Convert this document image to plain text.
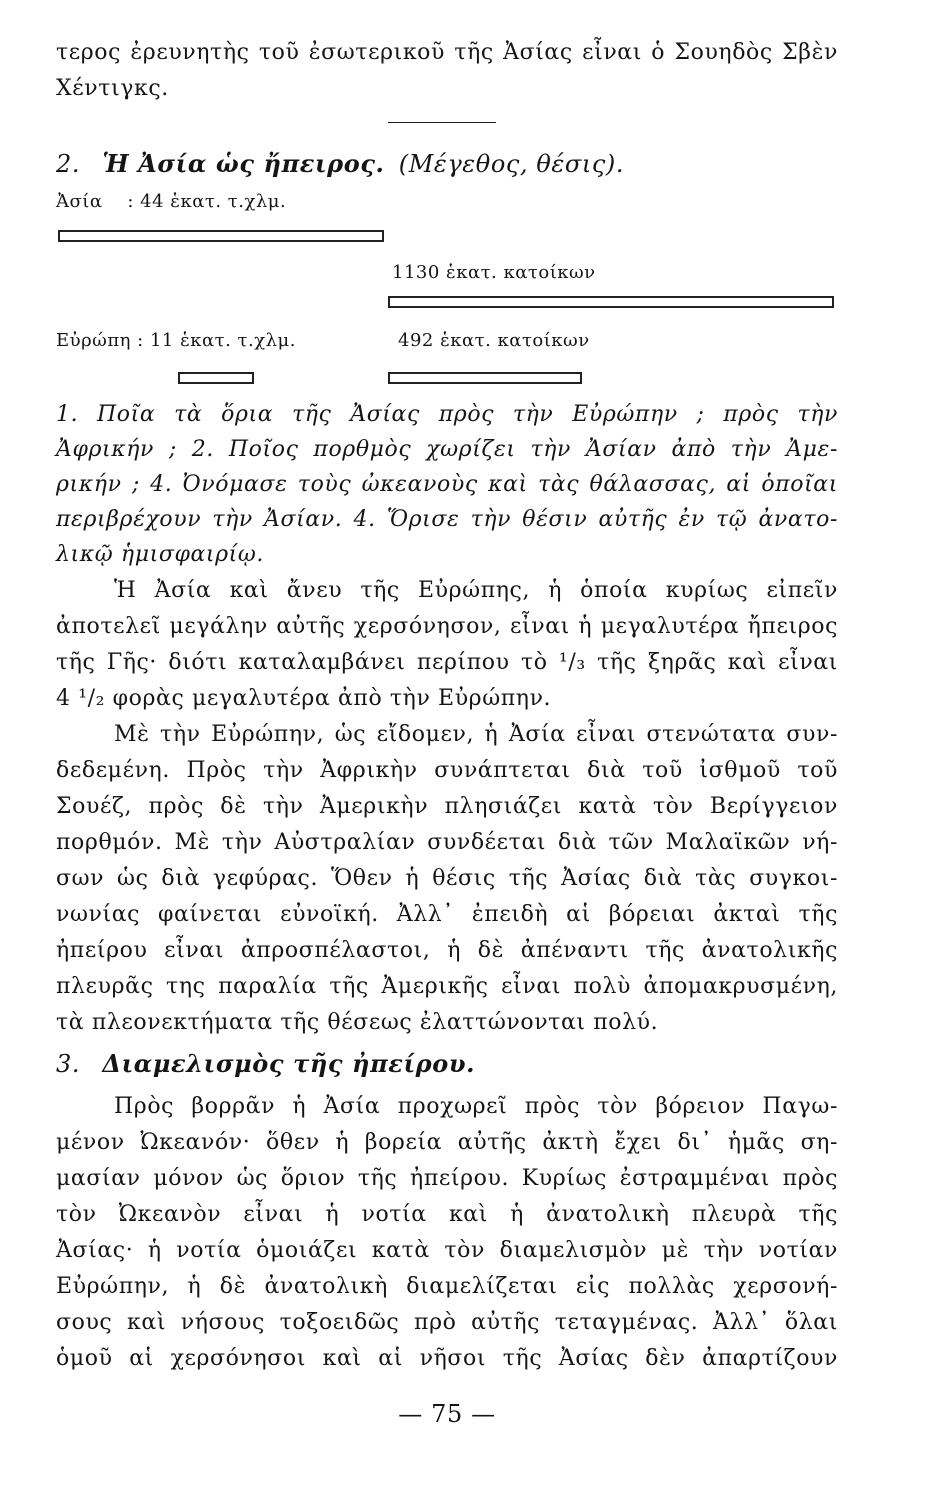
τερος ἐρευνητὴς τοῦ ἐσωτερικοῦ τῆς Ἀσίας εἶναι ὁ Σουηδὸς Σβὲν
Χέντιγκς.
2. Ἡ Ἀσία ὡς ἤπειρος. (Μέγεθος, θέσις).
Ἀσία    : 44 ἑκατ. τ.χλμ.
1130 ἑκατ. κατοίκων
Εὐρώπη : 11 ἑκατ. τ.χλμ.	492 ἑκατ. κατοίκων
1. Ποῖα τὰ ὅρια τῆς Ἀσίας πρὸς τὴν Εὐρώπην ; πρὸς τὴν
Ἀφρικήν ; 2. Ποῖος πορθμὸς χωρίζει τὴν Ἀσίαν ἀπὸ τὴν Ἀμε-
ρικήν ; 4. Ὀνόμασε τοὺς ὠκεανοὺς καὶ τὰς θάλασσας, αἱ ὁποῖαι
περιβρέχουν τὴν Ἀσίαν. 4. Ὅρισε τὴν θέσιν αὐτῆς ἐν τῷ ἀνατο-
λικῷ ἡμισφαιρίῳ.
Ἡ Ἀσία καὶ ἄνευ τῆς Εὐρώπης, ἡ ὁποία κυρίως εἰπεῖν
ἀποτελεῖ μεγάλην αὐτῆς χερσόνησον, εἶναι ἡ μεγαλυτέρα ἤπειρος
τῆς Γῆς· διότι καταλαμβάνει περίπου τὸ ¹/₃ τῆς ξηρᾶς καὶ εἶναι
4 ¹/₂ φορὰς μεγαλυτέρα ἀπὸ τὴν Εὐρώπην.
Μὲ τὴν Εὐρώπην, ὡς εἴδομεν, ἡ Ἀσία εἶναι στενώτατα συν-
δεδεμένη. Πρὸς τὴν Ἀφρικὴν συνάπτεται διὰ τοῦ ἰσθμοῦ τοῦ
Σουέζ, πρὸς δὲ τὴν Ἀμερικὴν πλησιάζει κατὰ τὸν Βερίγγειον
πορθμόν. Μὲ τὴν Αὐστραλίαν συνδέεται διὰ τῶν Μαλαϊκῶν νή-
σων ὡς διὰ γεφύρας. Ὅθεν ἡ θέσις τῆς Ἀσίας διὰ τὰς συγκοι-
νωνίας φαίνεται εὐνοϊκή. Ἀλλ᾿ ἐπειδὴ αἱ βόρειαι ἀκταὶ τῆς
ἠπείρου εἶναι ἀπροσπέλαστοι, ἡ δὲ ἀπέναντι τῆς ἀνατολικῆς
πλευρᾶς της παραλία τῆς Ἀμερικῆς εἶναι πολὺ ἀπομακρυσμένη,
τὰ πλεονεκτήματα τῆς θέσεως ἐλαττώνονται πολύ.
3. Διαμελισμὸς τῆς ἠπείρου.
Πρὸς βορρᾶν ἡ Ἀσία προχωρεῖ πρὸς τὸν βόρειον Παγω-
μένον Ὠκεανόν· ὅθεν ἡ βορεία αὐτῆς ἀκτὴ ἔχει δι᾿ ἡμᾶς ση-
μασίαν μόνον ὡς ὅριον τῆς ἠπείρου. Κυρίως ἐστραμμέναι πρὸς
τὸν Ὠκεανὸν εἶναι ἡ νοτία καὶ ἡ ἀνατολικὴ πλευρὰ τῆς
Ἀσίας· ἡ νοτία ὁμοιάζει κατὰ τὸν διαμελισμὸν μὲ τὴν νοτίαν
Εὐρώπην, ἡ δὲ ἀνατολικὴ διαμελίζεται εἰς πολλὰς χερσονή-
σους καὶ νήσους τοξοειδῶς πρὸ αὐτῆς τεταγμένας. Ἀλλ᾿ ὅλαι
ὁμοῦ αἱ χερσόνησοι καὶ αἱ νῆσοι τῆς Ἀσίας δὲν ἀπαρτίζουν
— 75 —
